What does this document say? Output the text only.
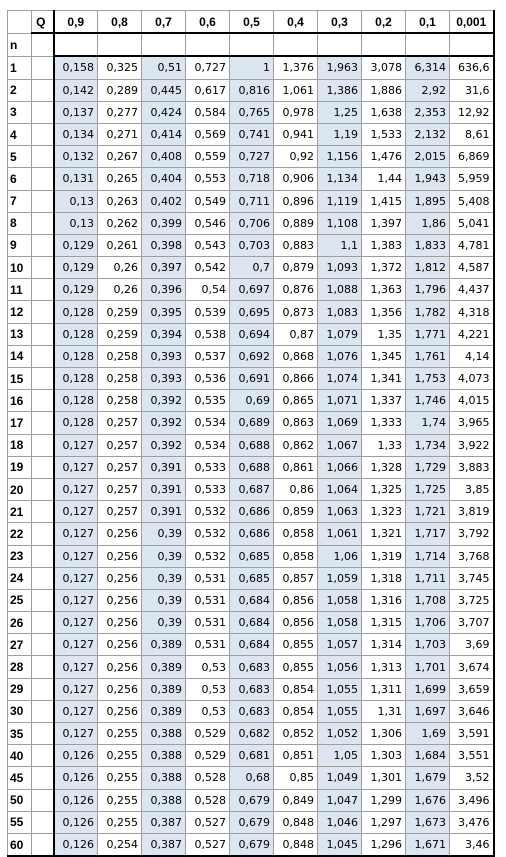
	Q	0,9	0,8	0,7	0,6	0,5	0,4	0,3	0,2	0,1	0,001
n											
1		0,158	0,325	0,51	0,727	1	1,376	1,963	3,078	6,314	636,6
2		0,142	0,289	0,445	0,617	0,816	1,061	1,386	1,886	2,92	31,6
3		0,137	0,277	0,424	0,584	0,765	0,978	1,25	1,638	2,353	12,92
4		0,134	0,271	0,414	0,569	0,741	0,941	1,19	1,533	2,132	8,61
5		0,132	0,267	0,408	0,559	0,727	0,92	1,156	1,476	2,015	6,869
6		0,131	0,265	0,404	0,553	0,718	0,906	1,134	1,44	1,943	5,959
7		0,13	0,263	0,402	0,549	0,711	0,896	1,119	1,415	1,895	5,408
8		0,13	0,262	0,399	0,546	0,706	0,889	1,108	1,397	1,86	5,041
9		0,129	0,261	0,398	0,543	0,703	0,883	1,1	1,383	1,833	4,781
10		0,129	0,26	0,397	0,542	0,7	0,879	1,093	1,372	1,812	4,587
11		0,129	0,26	0,396	0,54	0,697	0,876	1,088	1,363	1,796	4,437
12		0,128	0,259	0,395	0,539	0,695	0,873	1,083	1,356	1,782	4,318
13		0,128	0,259	0,394	0,538	0,694	0,87	1,079	1,35	1,771	4,221
14		0,128	0,258	0,393	0,537	0,692	0,868	1,076	1,345	1,761	4,14
15		0,128	0,258	0,393	0,536	0,691	0,866	1,074	1,341	1,753	4,073
16		0,128	0,258	0,392	0,535	0,69	0,865	1,071	1,337	1,746	4,015
17		0,128	0,257	0,392	0,534	0,689	0,863	1,069	1,333	1,74	3,965
18		0,127	0,257	0,392	0,534	0,688	0,862	1,067	1,33	1,734	3,922
19		0,127	0,257	0,391	0,533	0,688	0,861	1,066	1,328	1,729	3,883
20		0,127	0,257	0,391	0,533	0,687	0,86	1,064	1,325	1,725	3,85
21		0,127	0,257	0,391	0,532	0,686	0,859	1,063	1,323	1,721	3,819
22		0,127	0,256	0,39	0,532	0,686	0,858	1,061	1,321	1,717	3,792
23		0,127	0,256	0,39	0,532	0,685	0,858	1,06	1,319	1,714	3,768
24		0,127	0,256	0,39	0,531	0,685	0,857	1,059	1,318	1,711	3,745
25		0,127	0,256	0,39	0,531	0,684	0,856	1,058	1,316	1,708	3,725
26		0,127	0,256	0,39	0,531	0,684	0,856	1,058	1,315	1,706	3,707
27		0,127	0,256	0,389	0,531	0,684	0,855	1,057	1,314	1,703	3,69
28		0,127	0,256	0,389	0,53	0,683	0,855	1,056	1,313	1,701	3,674
29		0,127	0,256	0,389	0,53	0,683	0,854	1,055	1,311	1,699	3,659
30		0,127	0,256	0,389	0,53	0,683	0,854	1,055	1,31	1,697	3,646
35		0,127	0,255	0,388	0,529	0,682	0,852	1,052	1,306	1,69	3,591
40		0,126	0,255	0,388	0,529	0,681	0,851	1,05	1,303	1,684	3,551
45		0,126	0,255	0,388	0,528	0,68	0,85	1,049	1,301	1,679	3,52
50		0,126	0,255	0,388	0,528	0,679	0,849	1,047	1,299	1,676	3,496
55		0,126	0,255	0,387	0,527	0,679	0,848	1,046	1,297	1,673	3,476
60		0,126	0,254	0,387	0,527	0,679	0,848	1,045	1,296	1,671	3,46
